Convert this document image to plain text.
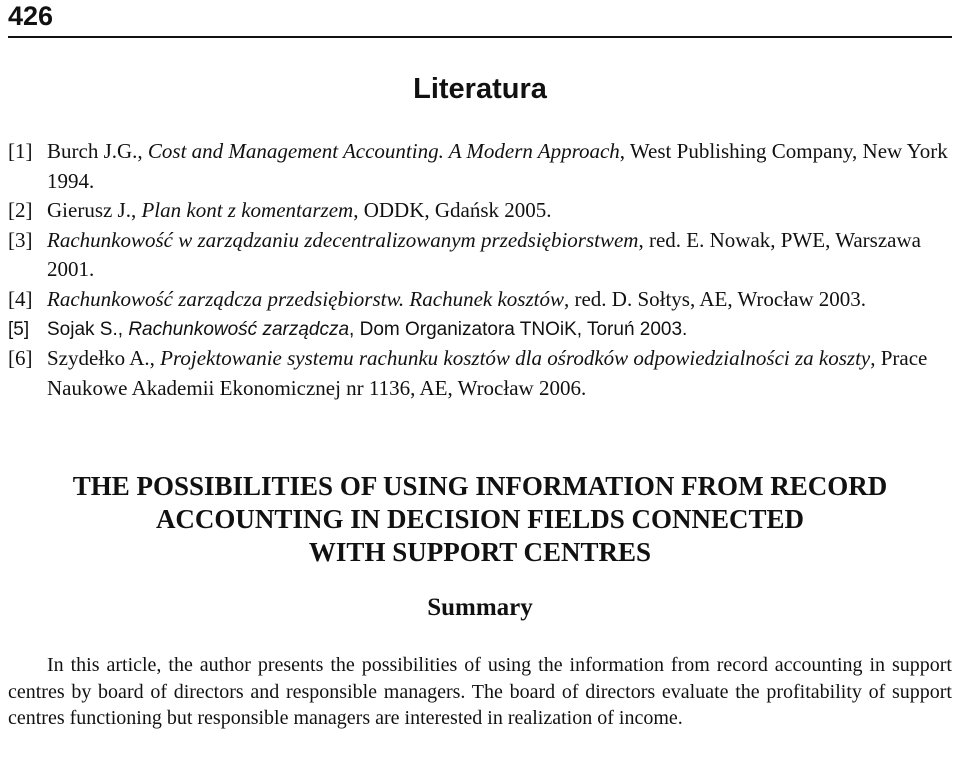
426
Literatura
[1] Burch J.G., Cost and Management Accounting. A Modern Approach, West Publishing Company, New York 1994.
[2] Gierusz J., Plan kont z komentarzem, ODDK, Gdańsk 2005.
[3] Rachunkowość w zarządzaniu zdecentralizowanym przedsiębiorstwem, red. E. Nowak, PWE, Warszawa 2001.
[4] Rachunkowość zarządcza przedsiębiorstw. Rachunek kosztów, red. D. Sołtys, AE, Wrocław 2003.
[5] Sojak S., Rachunkowość zarządcza, Dom Organizatora TNOiK, Toruń 2003.
[6] Szydełko A., Projektowanie systemu rachunku kosztów dla ośrodków odpowiedzialności za koszty, Prace Naukowe Akademii Ekonomicznej nr 1136, AE, Wrocław 2006.
THE POSSIBILITIES OF USING INFORMATION FROM RECORD
ACCOUNTING IN DECISION FIELDS CONNECTED
WITH SUPPORT CENTRES
Summary

In this article, the author presents the possibilities of using the information from record accounting in support centres by board of directors and responsible managers. The board of directors evaluate the profitability of support centres functioning but responsible managers are interested in realization of income.
